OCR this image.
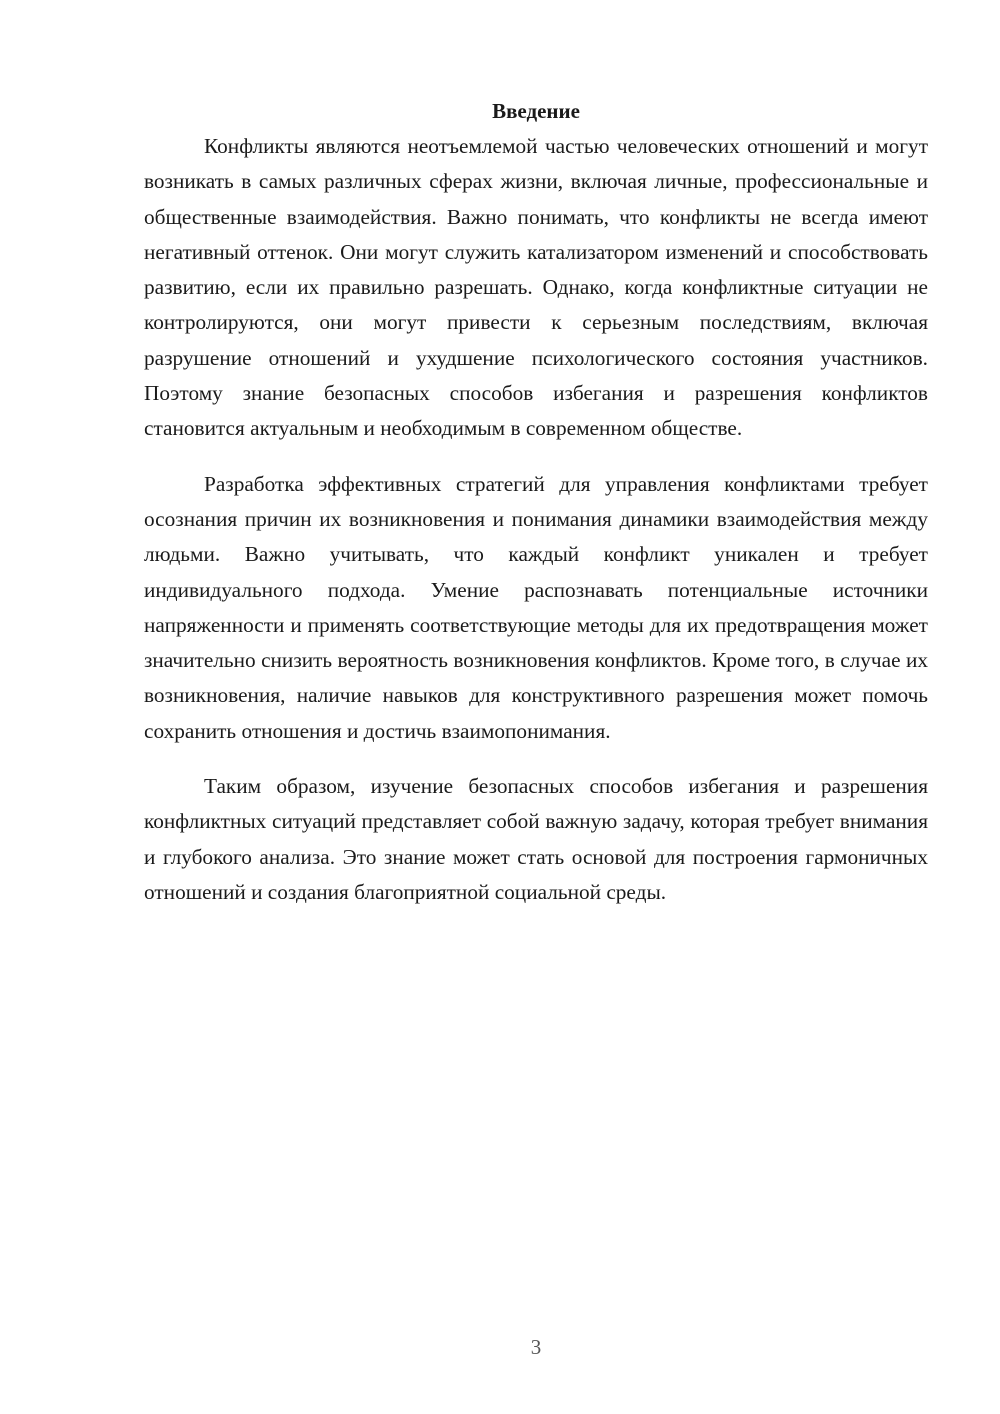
Введение

Конфликты являются неотъемлемой частью человеческих отношений и могут возникать в самых различных сферах жизни, включая личные, профессиональные и общественные взаимодействия. Важно понимать, что конфликты не всегда имеют негативный оттенок. Они могут служить катализатором изменений и способствовать развитию, если их правильно разрешать. Однако, когда конфликтные ситуации не контролируются, они могут привести к серьезным последствиям, включая разрушение отношений и ухудшение психологического состояния участников. Поэтому знание безопасных способов избегания и разрешения конфликтов становится актуальным и необходимым в современном обществе.

Разработка эффективных стратегий для управления конфликтами требует осознания причин их возникновения и понимания динамики взаимодействия между людьми. Важно учитывать, что каждый конфликт уникален и требует индивидуального подхода. Умение распознавать потенциальные источники напряженности и применять соответствующие методы для их предотвращения может значительно снизить вероятность возникновения конфликтов. Кроме того, в случае их возникновения, наличие навыков для конструктивного разрешения может помочь сохранить отношения и достичь взаимопонимания.

Таким образом, изучение безопасных способов избегания и разрешения конфликтных ситуаций представляет собой важную задачу, которая требует внимания и глубокого анализа. Это знание может стать основой для построения гармоничных отношений и создания благоприятной социальной среды.

3
